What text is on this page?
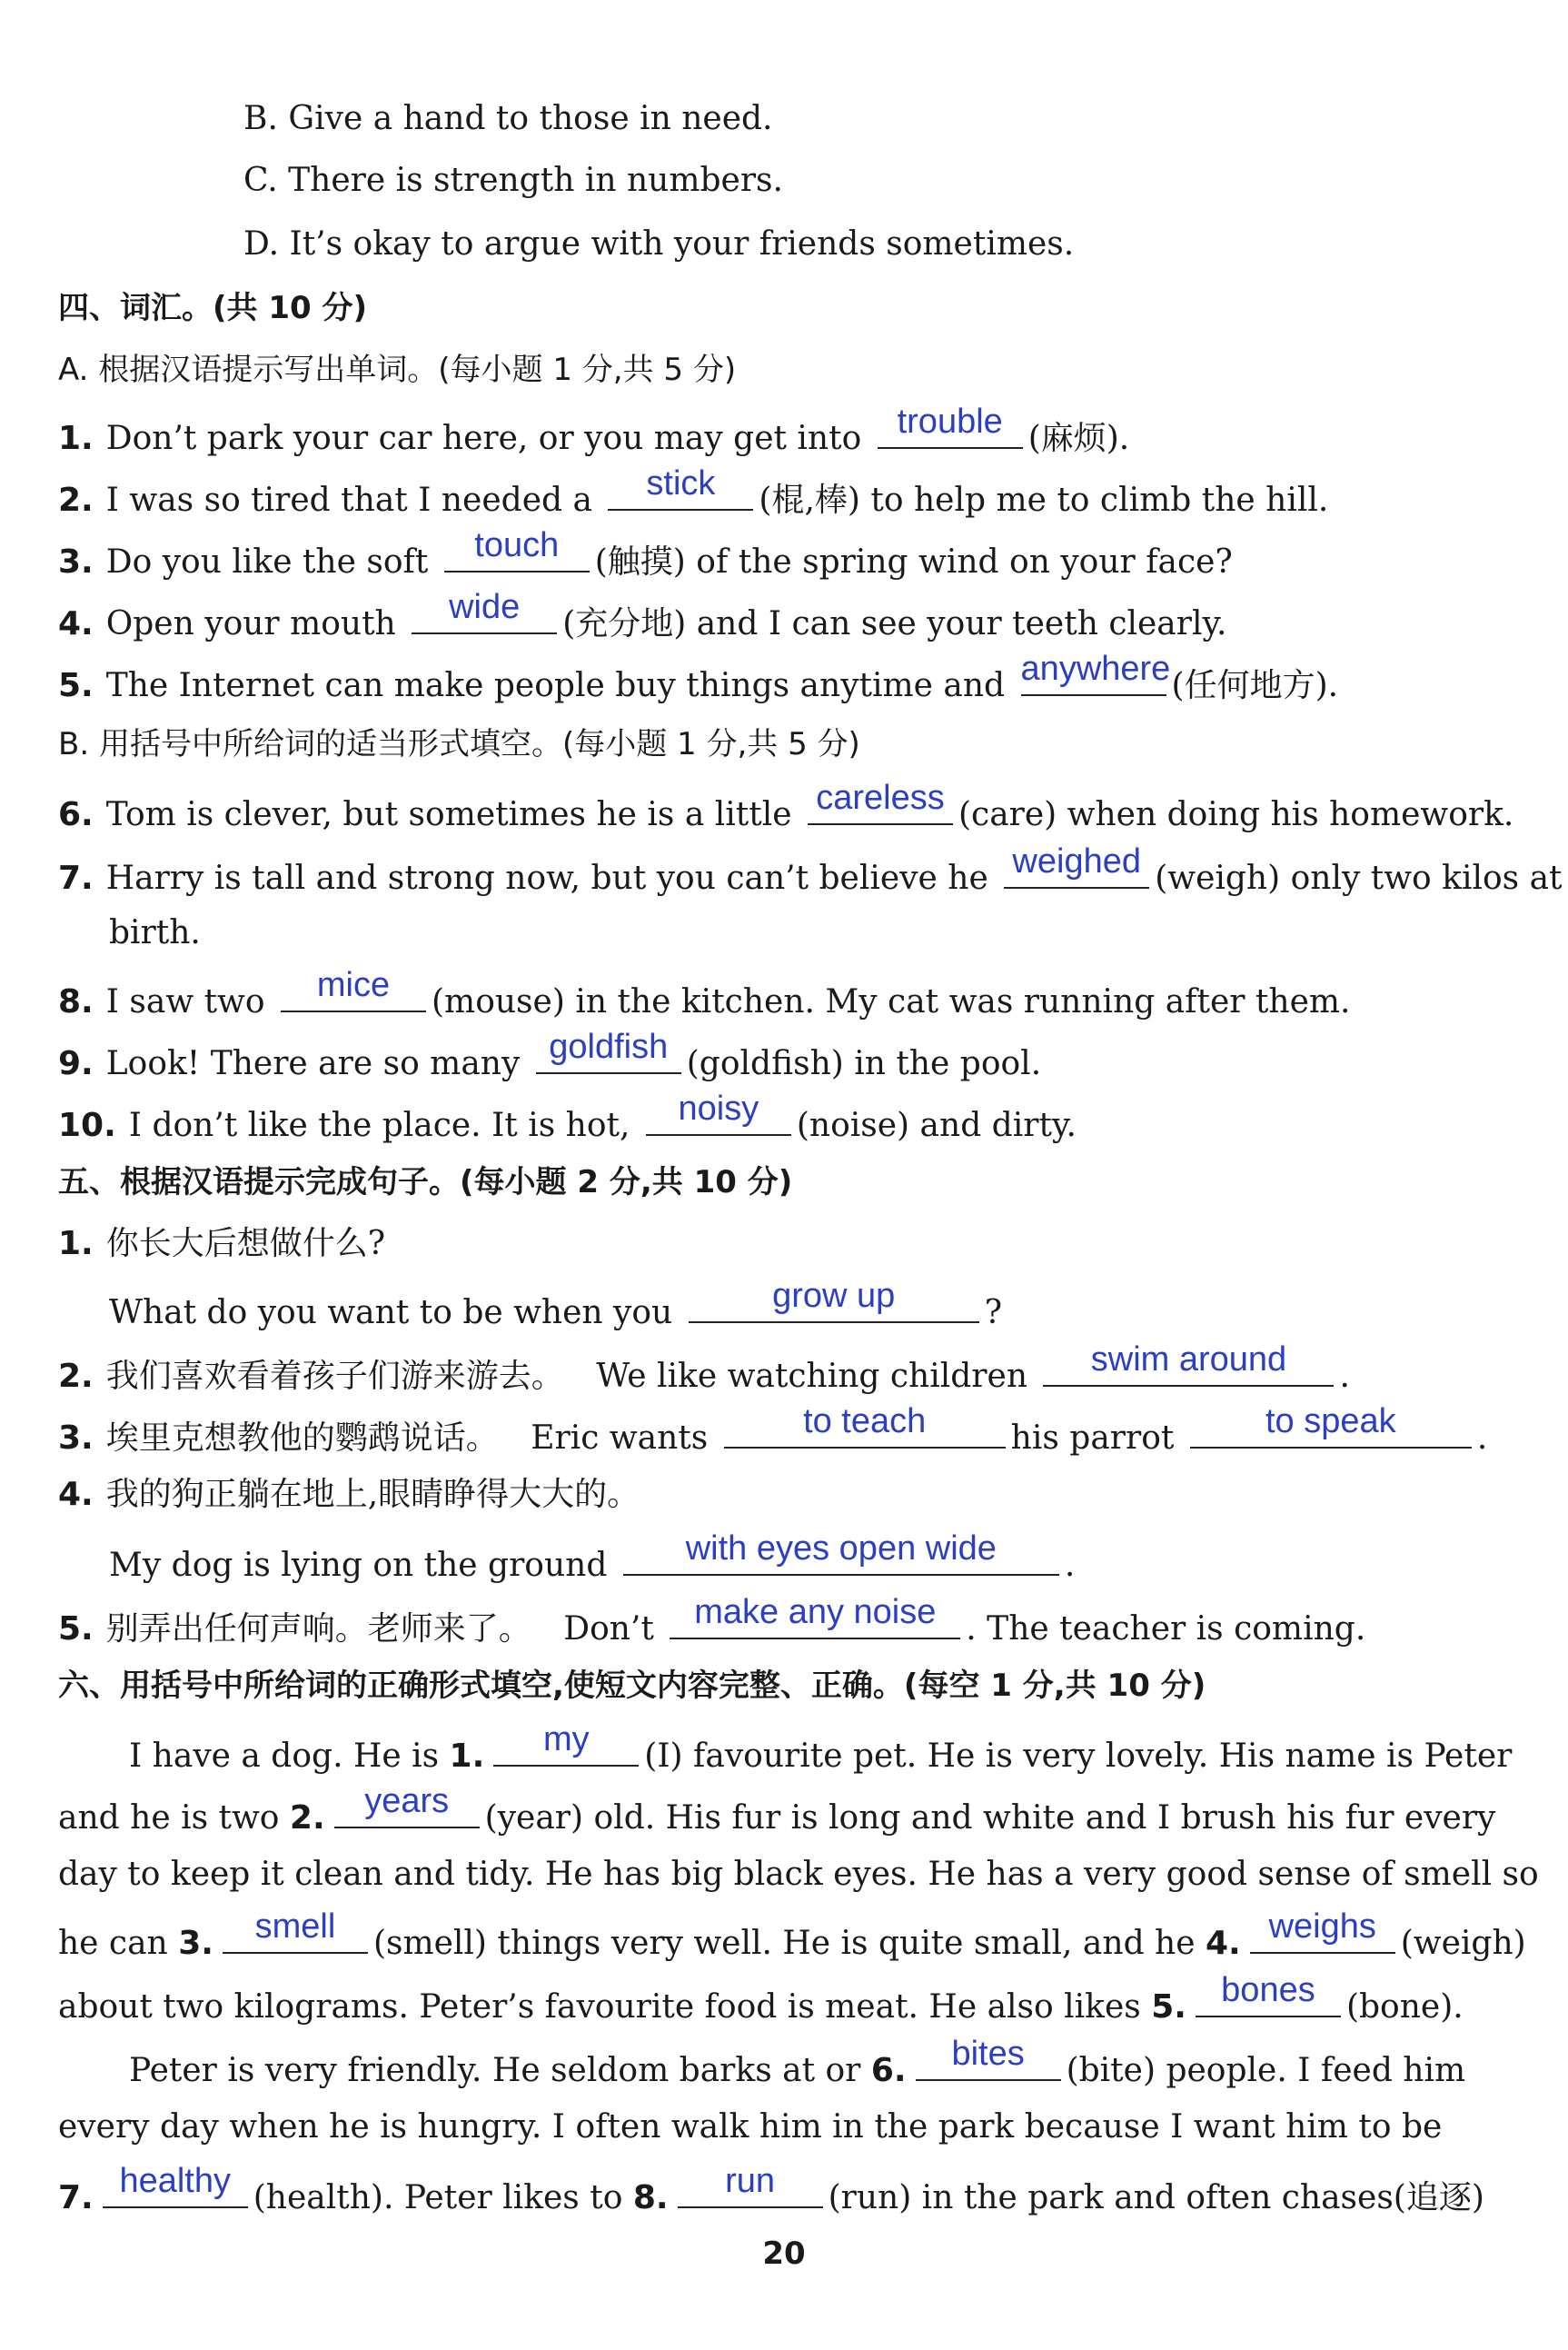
B. Give a hand to those in need.
C. There is strength in numbers.
D. It’s okay to argue with your friends sometimes.
四、词汇。(共 10 分)
A. 根据汉语提示写出单词。(每小题 1 分,共 5 分)
1. Don’t park your car here, or you may get into	trouble (麻烦).
2. I was so tired that I needed a	stick	(棍,棒) to help me to climb the hill.
3. Do you like the soft	touch	(触摸) of the spring wind on your face?
4. Open your mouth	wide	(充分地) and I can see your teeth clearly.
5. The Internet can make people buy things anytime and anywhere (任何地方).
B. 用括号中所给词的适当形式填空。(每小题 1 分,共 5 分)
6. Tom is clever, but sometimes he is a little careless (care) when doing his homework.
7. Harry is tall and strong now, but you can’t believe he weighed (weigh) only two kilos at
birth.
8. I saw two	mice	(mouse) in the kitchen. My cat was running after them.
9. Look! There are so many goldfish (goldfish) in the pool.
10. I don’t like the place. It is hot,	noisy	(noise) and dirty.
五、根据汉语提示完成句子。(每小题 2 分,共 10 分)
1. 你长大后想做什么?
What do you want to be when you	grow up	?
2. 我们喜欢看着孩子们游来游去。 We like watching children	swim around	.
3. 埃里克想教他的鹦鹉说话。 Eric wants	to teach	his parrot	to speak	.
4. 我的狗正躺在地上,眼睛睁得大大的。
My dog is lying on the ground	with eyes open wide	.
5. 别弄出任何声响。老师来了。 Don’t	make any noise . The teacher is coming.
六、用括号中所给词的正确形式填空,使短文内容完整、正确。(每空 1 分,共 10 分)
I have a dog. He is 1.	my	(I) favourite pet. He is very lovely. His name is Peter
and he is two 2.	years	(year) old. His fur is long and white and I brush his fur every
day to keep it clean and tidy. He has big black eyes. He has a very good sense of smell so
he can 3.	smell	(smell) things very well. He is quite small, and he 4. weighs (weigh)
about two kilograms. Peter’s favourite food is meat. He also likes 5.	bones (bone).
Peter is very friendly. He seldom barks at or 6.	bites	(bite) people. I feed him
every day when he is hungry. I often walk him in the park because I want him to be
7. healthy (health). Peter likes to 8.	run	(run) in the park and often chases(追逐)
20
